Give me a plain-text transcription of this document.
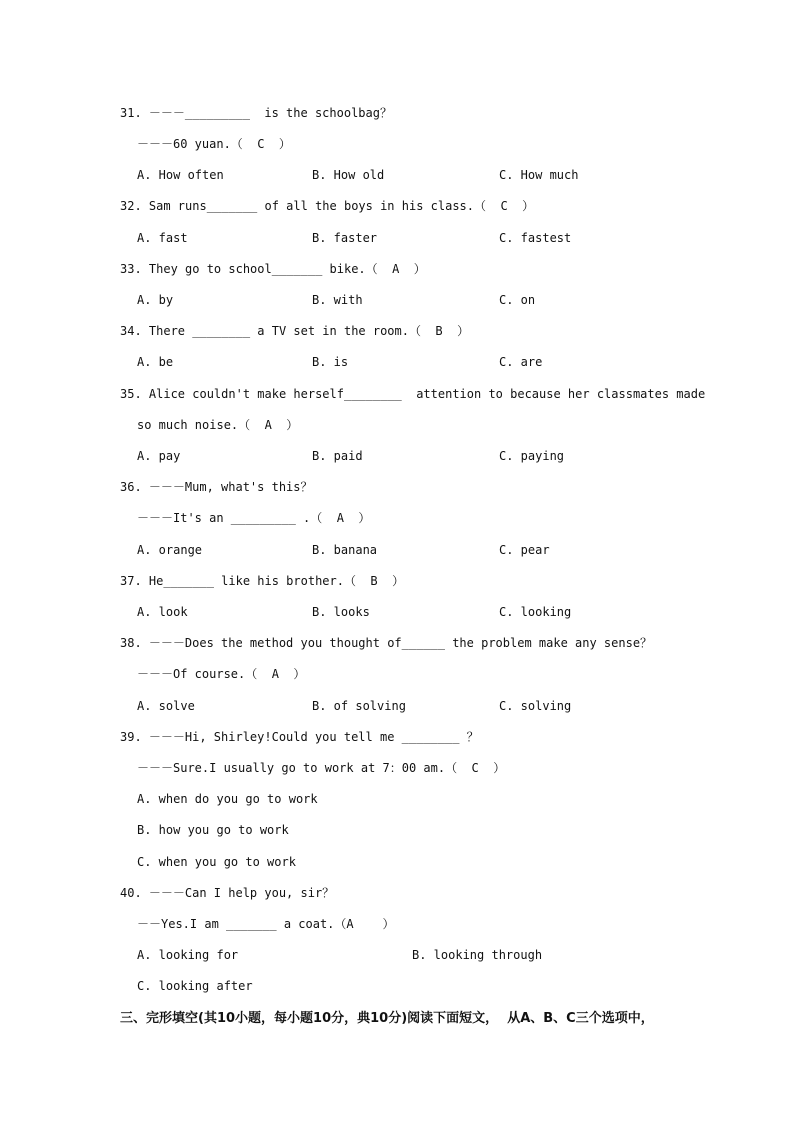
31. －－－_________  is the schoolbag？
－－－60 yuan.（  C  ）
A. How often	B. How old	C. How much
32. Sam runs_______ of all the boys in his class.（  C  ）
A. fast	B. faster	C. fastest
33. They go to school_______ bike.（  A  ）
A. by	B. with	C. on
34. There ________ a TV set in the room.（  B  ）
A. be	B. is	C. are
35. Alice couldn't make herself________  attention to because her classmates made
so much noise.（  A  ）
A. pay	B. paid	C. paying
36. －－－Mum, what's this？
－－－It's an _________ .（  A  ）
A. orange	B. banana	C. pear
37. He_______ like his brother.（  B  ）
A. look	B. looks	C. looking
38. －－－Does the method you thought of______ the problem make any sense？
－－－Of course.（  A  ）
A. solve	B. of solving	C. solving
39. －－－Hi, Shirley!Could you tell me ________ ？
－－－Sure.I usually go to work at 7：00 am.（  C  ）
A. when do you go to work
B. how you go to work
C. when you go to work
40. －－－Can I help you, sir？
－－Yes.I am _______ a coat.（A    ）
A. looking for	B. looking through
C. looking after
三、完形填空(其10小题，每小题10分，典10分)阅读下面短文，  从A、B、C三个选项中，
